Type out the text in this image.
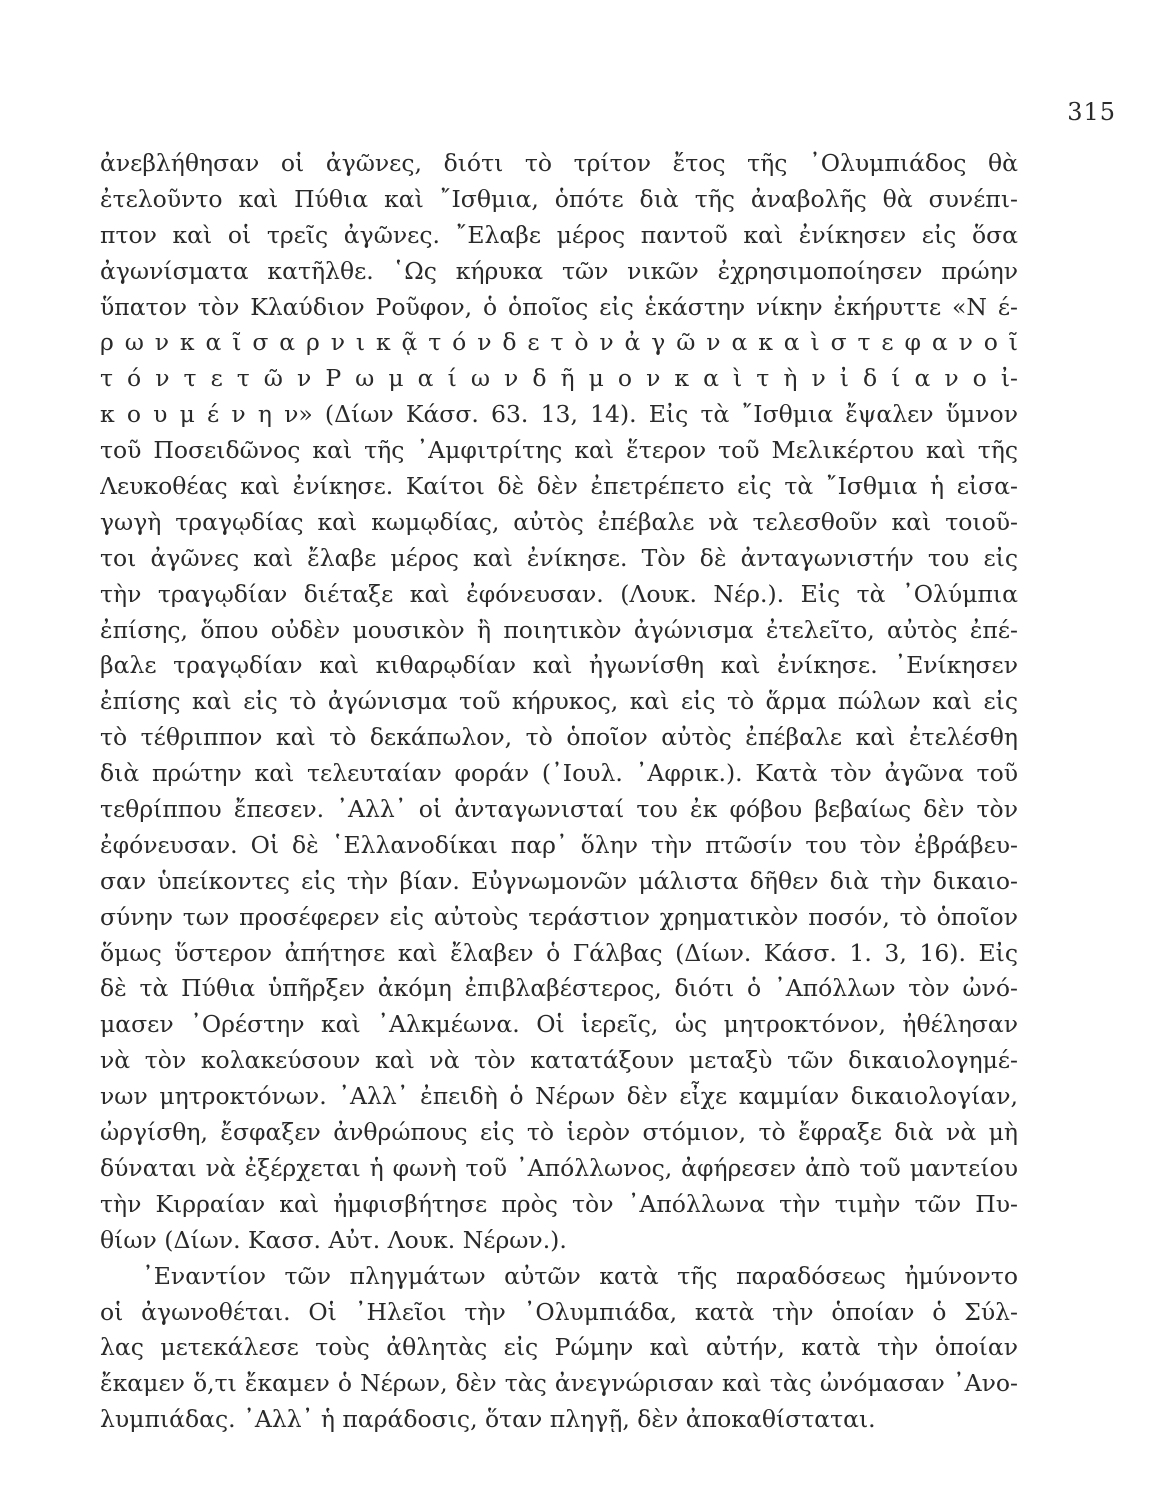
315
ἀνεβλήθησαν οἱ ἀγῶνες, διότι τὸ τρίτον ἔτος τῆς ᾿Ολυμπιάδος θὰ
ἐτελοῦντο καὶ Πύθια καὶ ῎Ισθμια, ὁπότε διὰ τῆς ἀναβολῆς θὰ συνέπι-
πτον καὶ οἱ τρεῖς ἀγῶνες. ῎Ελαβε μέρος παντοῦ καὶ ἐνίκησεν εἰς ὅσα
ἀγωνίσματα κατῆλθε. ῾Ως κήρυκα τῶν νικῶν ἐχρησιμοποίησεν πρώην
ὕπατον τὸν Κλαύδιον Ροῦφον, ὁ ὁποῖος εἰς ἑκάστην νίκην ἐκήρυττε «Ν έ-
ρ ω ν κ α ῖ σ α ρ ν ι κ ᾷ τ ό ν δ ε τ ὸ ν ἀ γ ῶ ν α κ α ὶ σ τ ε φ α ν ο ῖ
τ ό ν τ ε τ ῶ ν Ρ ω μ α ί ω ν δ ῆ μ ο ν κ α ὶ τ ὴ ν ἰ δ ί α ν ο ἰ-
κ ο υ μ έ ν η ν» (Δίων Κάσσ. 63. 13, 14). Εἰς τὰ ῎Ισθμια ἔψαλεν ὕμνον
τοῦ Ποσειδῶνος καὶ τῆς ᾿Αμφιτρίτης καὶ ἕτερον τοῦ Μελικέρτου καὶ τῆς
Λευκοθέας καὶ ἐνίκησε. Καίτοι δὲ δὲν ἐπετρέπετο εἰς τὰ ῎Ισθμια ἡ εἰσα-
γωγὴ τραγῳδίας καὶ κωμῳδίας, αὐτὸς ἐπέβαλε νὰ τελεσθοῦν καὶ τοιοῦ-
τοι ἀγῶνες καὶ ἔλαβε μέρος καὶ ἐνίκησε. Τὸν δὲ ἀνταγωνιστήν του εἰς
τὴν τραγῳδίαν διέταξε καὶ ἐφόνευσαν. (Λουκ. Νέρ.). Εἰς τὰ ᾿Ολύμπια
ἐπίσης, ὅπου οὐδὲν μουσικὸν ἢ ποιητικὸν ἀγώνισμα ἐτελεῖτο, αὐτὸς ἐπέ-
βαλε τραγῳδίαν καὶ κιθαρῳδίαν καὶ ἠγωνίσθη καὶ ἐνίκησε. ᾿Ενίκησεν
ἐπίσης καὶ εἰς τὸ ἀγώνισμα τοῦ κήρυκος, καὶ εἰς τὸ ἅρμα πώλων καὶ εἰς
τὸ τέθριππον καὶ τὸ δεκάπωλον, τὸ ὁποῖον αὐτὸς ἐπέβαλε καὶ ἐτελέσθη
διὰ πρώτην καὶ τελευταίαν φοράν (᾿Ιουλ. ᾿Αφρικ.). Κατὰ τὸν ἀγῶνα τοῦ
τεθρίππου ἔπεσεν. ᾿Αλλ᾿ οἱ ἀνταγωνισταί του ἐκ φόβου βεβαίως δὲν τὸν
ἐφόνευσαν. Οἱ δὲ ῾Ελλανοδίκαι παρ᾿ ὅλην τὴν πτῶσίν του τὸν ἐβράβευ-
σαν ὑπείκοντες εἰς τὴν βίαν. Εὐγνωμονῶν μάλιστα δῆθεν διὰ τὴν δικαιο-
σύνην των προσέφερεν εἰς αὐτοὺς τεράστιον χρηματικὸν ποσόν, τὸ ὁποῖον
ὅμως ὕστερον ἀπήτησε καὶ ἔλαβεν ὁ Γάλβας (Δίων. Κάσσ. 1. 3, 16). Εἰς
δὲ τὰ Πύθια ὑπῆρξεν ἀκόμη ἐπιβλαβέστερος, διότι ὁ ᾿Απόλλων τὸν ὠνό-
μασεν ᾿Ορέστην καὶ ᾿Αλκμέωνα. Οἱ ἱερεῖς, ὡς μητροκτόνον, ἠθέλησαν
νὰ τὸν κολακεύσουν καὶ νὰ τὸν κατατάξουν μεταξὺ τῶν δικαιολογημέ-
νων μητροκτόνων. ᾿Αλλ᾿ ἐπειδὴ ὁ Νέρων δὲν εἶχε καμμίαν δικαιολογίαν,
ὠργίσθη, ἔσφαξεν ἀνθρώπους εἰς τὸ ἱερὸν στόμιον, τὸ ἔφραξε διὰ νὰ μὴ
δύναται νὰ ἐξέρχεται ἡ φωνὴ τοῦ ᾿Απόλλωνος, ἀφήρεσεν ἀπὸ τοῦ μαντείου
τὴν Κιρραίαν καὶ ἠμφισβήτησε πρὸς τὸν ᾿Απόλλωνα τὴν τιμὴν τῶν Πυ-
θίων (Δίων. Κασσ. Αὐτ. Λουκ. Νέρων.).
᾿Εναντίον τῶν πληγμάτων αὐτῶν κατὰ τῆς παραδόσεως ἠμύνοντο
οἱ ἀγωνοθέται. Οἱ ᾿Ηλεῖοι τὴν ᾿Ολυμπιάδα, κατὰ τὴν ὁποίαν ὁ Σύλ-
λας μετεκάλεσε τοὺς ἀθλητὰς εἰς Ρώμην καὶ αὐτήν, κατὰ τὴν ὁποίαν
ἔκαμεν ὅ,τι ἔκαμεν ὁ Νέρων, δὲν τὰς ἀνεγνώρισαν καὶ τὰς ὠνόμασαν ᾿Ανο-
λυμπιάδας. ᾿Αλλ᾿ ἡ παράδοσις, ὅταν πληγῇ, δὲν ἀποκαθίσταται.
